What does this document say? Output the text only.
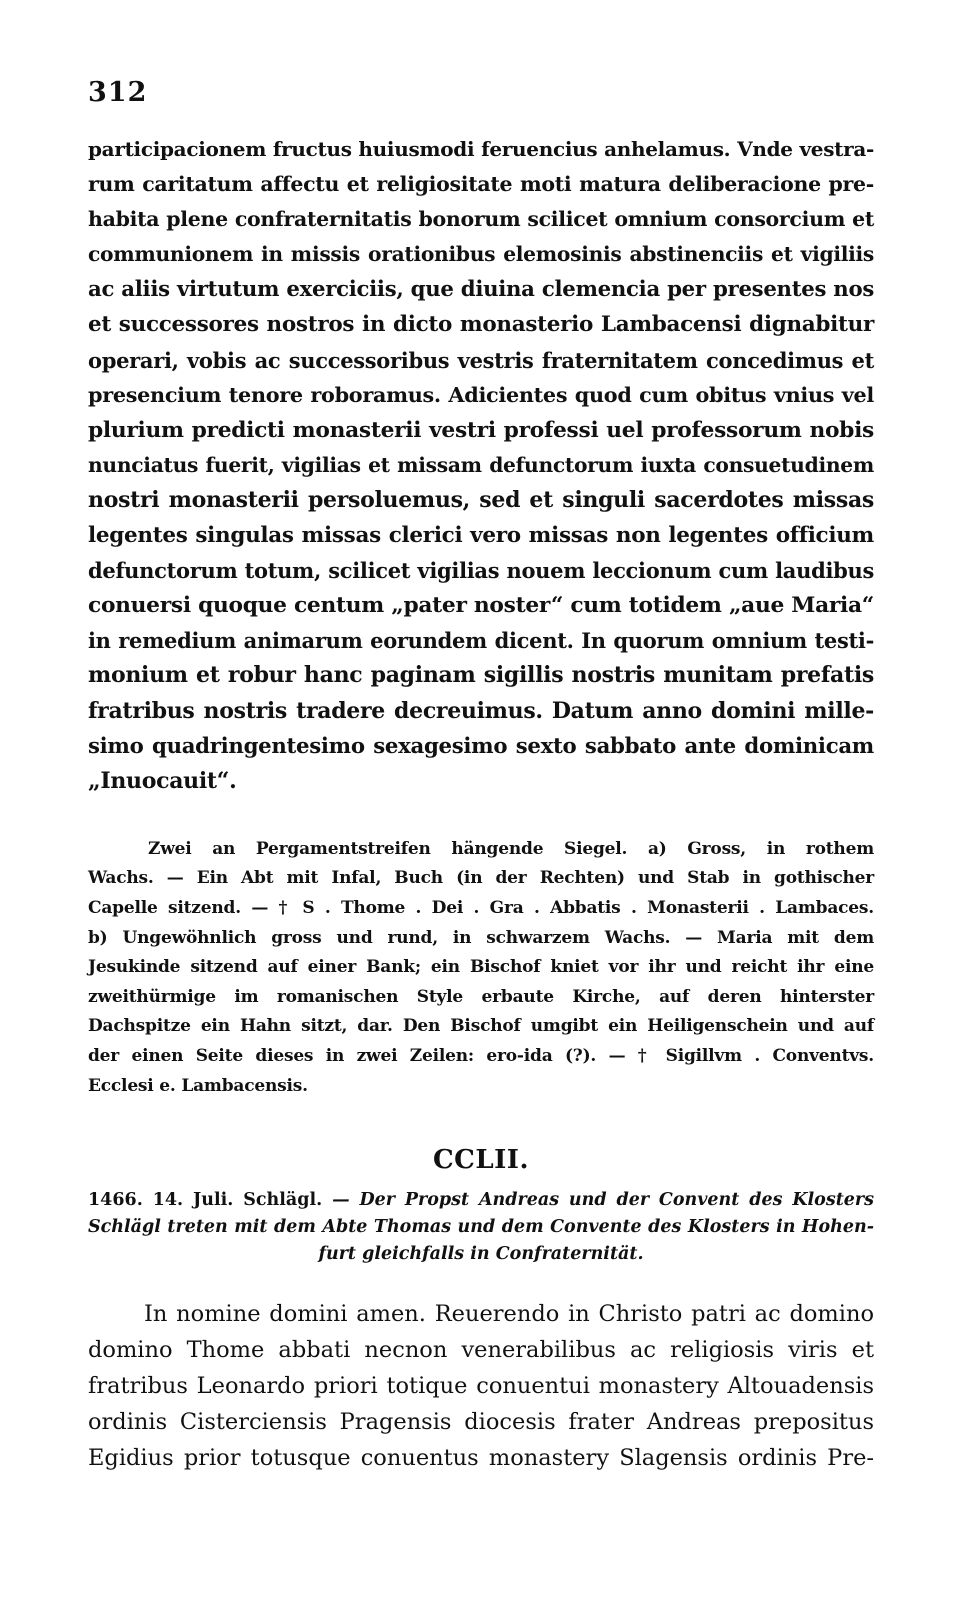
312

participacionem fructus huiusmodi feruencius anhelamus. Vnde vestra-
rum caritatum affectu et religiositate moti matura deliberacione pre-
habita plene confraternitatis bonorum scilicet omnium consorcium et
communionem in missis orationibus elemosinis abstinenciis et vigiliis
ac aliis virtutum exerciciis, que diuina clemencia per presentes nos
et successores nostros in dicto monasterio Lambacensi dignabitur
operari, vobis ac successoribus vestris fraternitatem concedimus et
presencium tenore roboramus. Adicientes quod cum obitus vnius vel
plurium predicti monasterii vestri professi uel professorum nobis
nunciatus fuerit, vigilias et missam defunctorum iuxta consuetudinem
nostri monasterii persoluemus, sed et singuli sacerdotes missas
legentes singulas missas clerici vero missas non legentes officium
defunctorum totum, scilicet vigilias nouem leccionum cum laudibus
conuersi quoque centum „pater noster“ cum totidem „aue Maria“
in remedium animarum eorundem dicent. In quorum omnium testi-
monium et robur hanc paginam sigillis nostris munitam prefatis
fratribus nostris tradere decreuimus. Datum anno domini mille-
simo quadringentesimo sexagesimo sexto sabbato ante dominicam
„Inuocauit“.

Zwei an Pergamentstreifen hängende Siegel. a) Gross, in rothem
Wachs. — Ein Abt mit Infal, Buch (in der Rechten) und Stab in gothischer
Capelle sitzend. — † S . Thome . Dei . Gra . Abbatis . Monasterii . Lambaces.
b) Ungewöhnlich gross und rund, in schwarzem Wachs. — Maria mit dem
Jesukinde sitzend auf einer Bank; ein Bischof kniet vor ihr und reicht ihr eine
zweithürmige im romanischen Style erbaute Kirche, auf deren hinterster
Dachspitze ein Hahn sitzt, dar. Den Bischof umgibt ein Heiligenschein und auf
der einen Seite dieses in zwei Zeilen: ero-ida (?). — † Sigillvm . Conventvs.
Ecclesi e. Lambacensis.
CCLII.
1466. 14. Juli. Schlägl. — Der Propst Andreas und der Convent des Klosters
Schlägl treten mit dem Abte Thomas und dem Convente des Klosters in Hohen-
furt gleichfalls in Confraternität.

In nomine domini amen. Reuerendo in Christo patri ac domino
domino Thome abbati necnon venerabilibus ac religiosis viris et
fratribus Leonardo priori totique conuentui monastery Altouadensis
ordinis Cisterciensis Pragensis diocesis frater Andreas prepositus
Egidius prior totusque conuentus monastery Slagensis ordinis Pre-
